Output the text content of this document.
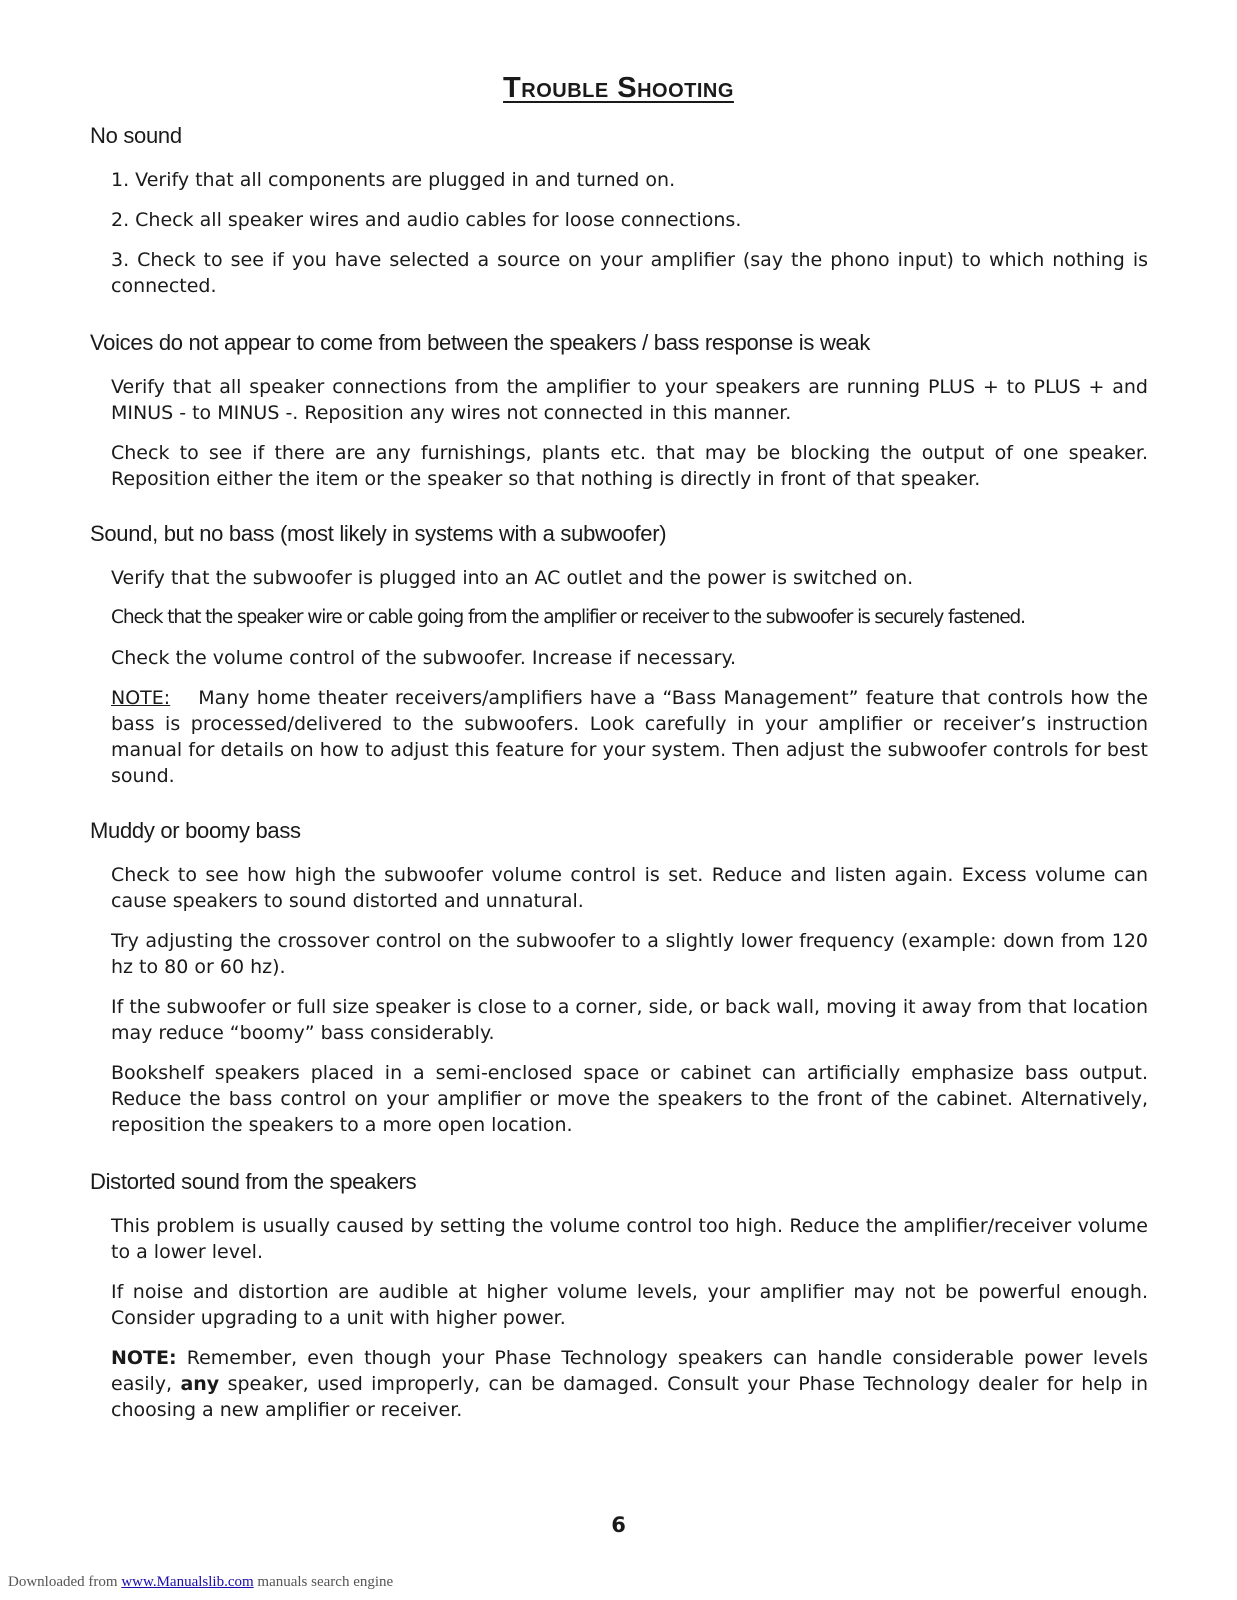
Trouble Shooting
No sound

1. Verify that all components are plugged in and turned on.

2. Check all speaker wires and audio cables for loose connections.

3. Check to see if you have selected a source on your amplifier (say the phono input) to which nothing is connected.

Voices do not appear to come from between the speakers / bass response is weak

Verify that all speaker connections from the amplifier to your speakers are running PLUS + to PLUS + and MINUS - to MINUS -. Reposition any wires not connected in this manner.

Check to see if there are any furnishings, plants etc. that may be blocking the output of one speaker. Reposition either the item or the speaker so that nothing is directly in front of that speaker.

Sound, but no bass (most likely in systems with a subwoofer)

Verify that the subwoofer is plugged into an AC outlet and the power is switched on.

Check that the speaker wire or cable going from the amplifier or receiver to the subwoofer is securely fastened.

Check the volume control of the subwoofer. Increase if necessary.

NOTE: Many home theater receivers/amplifiers have a “Bass Management” feature that controls how the bass is processed/delivered to the subwoofers. Look carefully in your amplifier or receiver’s instruction manual for details on how to adjust this feature for your system. Then adjust the subwoofer controls for best sound.

Muddy or boomy bass

Check to see how high the subwoofer volume control is set. Reduce and listen again. Excess volume can cause speakers to sound distorted and unnatural.

Try adjusting the crossover control on the subwoofer to a slightly lower frequency (example: down from 120 hz to 80 or 60 hz).

If the subwoofer or full size speaker is close to a corner, side, or back wall, moving it away from that location may reduce “boomy” bass considerably.

Bookshelf speakers placed in a semi-enclosed space or cabinet can artificially emphasize bass output. Reduce the bass control on your amplifier or move the speakers to the front of the cabinet. Alternatively, reposition the speakers to a more open location.

Distorted sound from the speakers

This problem is usually caused by setting the volume control too high. Reduce the amplifier/receiver volume to a lower level.

If noise and distortion are audible at higher volume levels, your amplifier may not be powerful enough. Consider upgrading to a unit with higher power.

NOTE: Remember, even though your Phase Technology speakers can handle considerable power levels easily, any speaker, used improperly, can be damaged. Consult your Phase Technology dealer for help in choosing a new amplifier or receiver.

6
Downloaded from www.Manualslib.com manuals search engine
